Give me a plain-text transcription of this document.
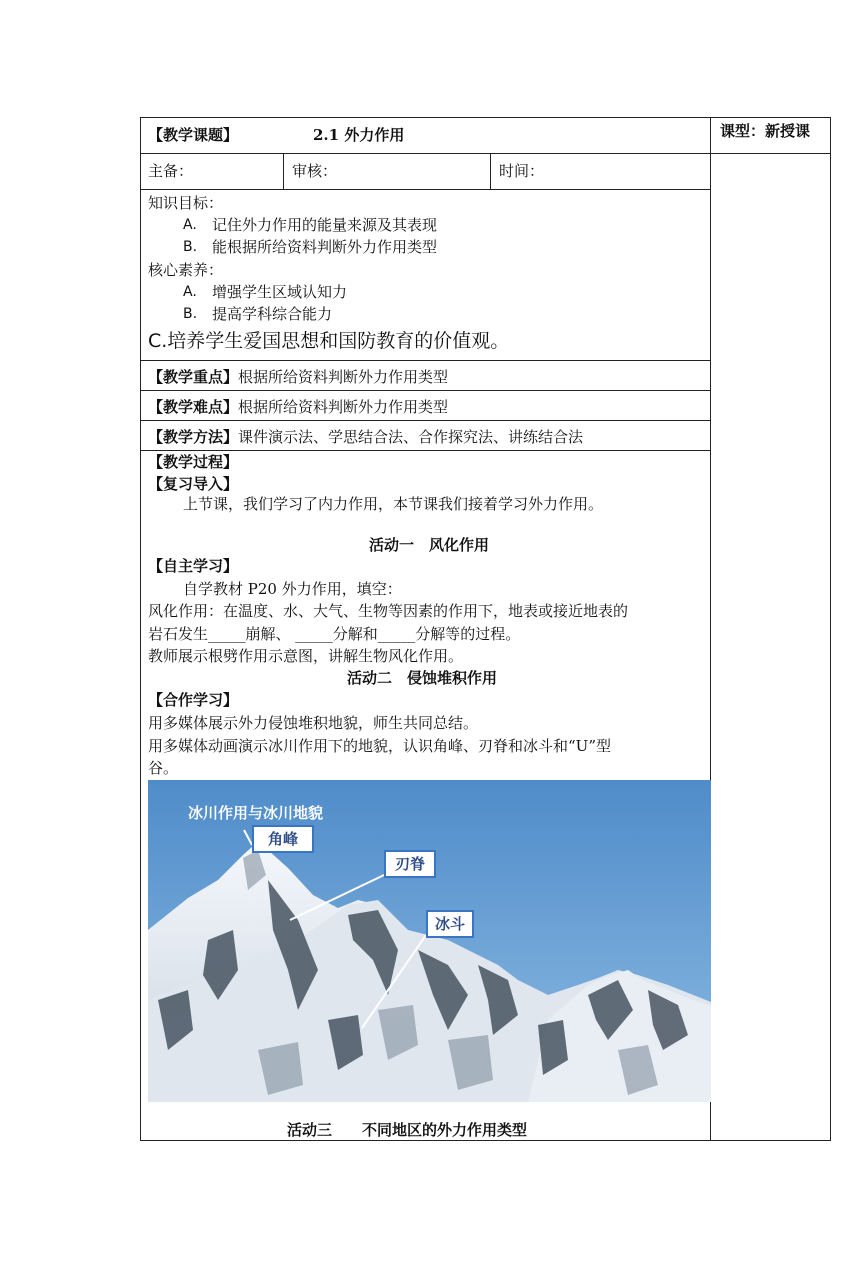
【教学课题】	2.1 外力作用	课型：新授课
主备：	审核：	时间：
知识目标：
A. 记住外力作用的能量来源及其表现
B. 能根据所给资料判断外力作用类型
核心素养：
A. 增强学生区域认知力
B. 提高学科综合能力
C.培养学生爱国思想和国防教育的价值观。
【教学重点】根据所给资料判断外力作用类型
【教学难点】根据所给资料判断外力作用类型
【教学方法】课件演示法、学思结合法、合作探究法、讲练结合法
【教学过程】
【复习导入】
上节课，我们学习了内力作用，本节课我们接着学习外力作用。
活动一　风化作用
【自主学习】
自学教材 P20 外力作用，填空：
风化作用：在温度、水、大气、生物等因素的作用下，地表或接近地表的
岩石发生_____崩解、 _____分解和_____分解等的过程。
教师展示根劈作用示意图，讲解生物风化作用。
活动二　侵蚀堆积作用
【合作学习】
用多媒体展示外力侵蚀堆积地貌，师生共同总结。
用多媒体动画演示冰川作用下的地貌，认识角峰、刃脊和冰斗和“U”型
谷。
冰川作用与冰川地貌
角峰
刃脊
冰斗
活动三　　不同地区的外力作用类型
